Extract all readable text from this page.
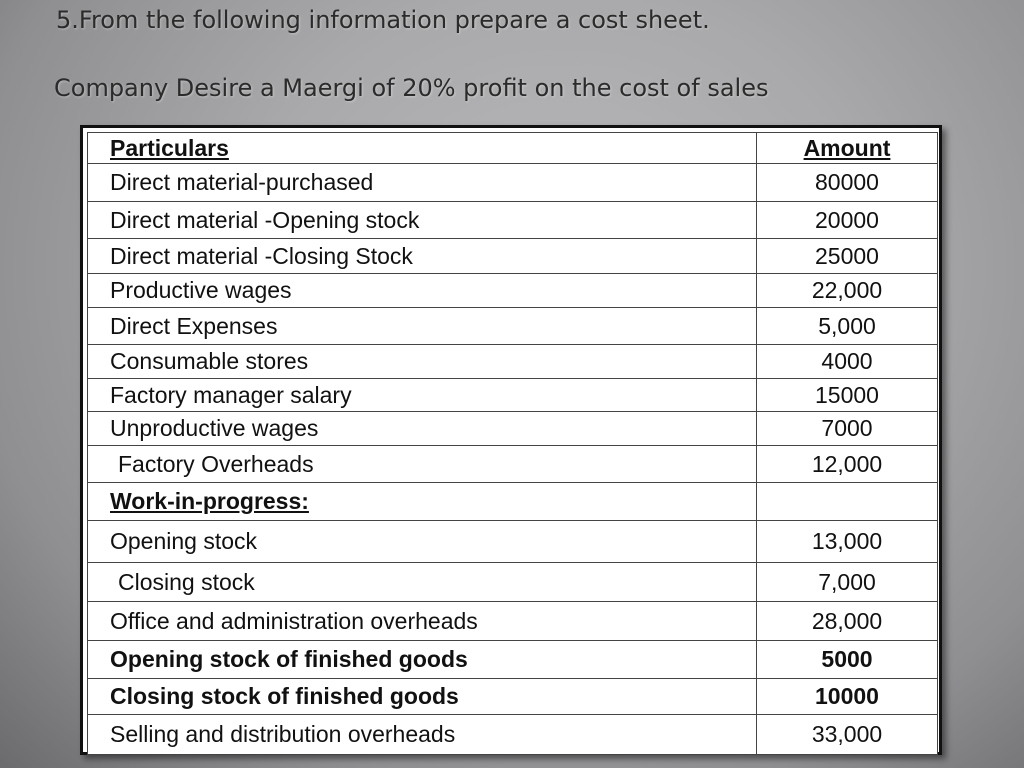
5.From the following information prepare a cost sheet.
Company Desire a Maergi of 20% profit on the cost of sales
Particulars	Amount
Direct material-purchased	80000
Direct material -Opening stock	20000
Direct material -Closing Stock	25000
Productive wages	22,000
Direct Expenses	5,000
Consumable stores	4000
Factory manager salary	15000
Unproductive wages	7000
Factory Overheads	12,000
Work-in-progress:	
Opening stock	13,000
Closing stock	7,000
Office and administration overheads	28,000
Opening stock of finished goods	5000
Closing stock of finished goods	10000
Selling and distribution overheads	33,000
